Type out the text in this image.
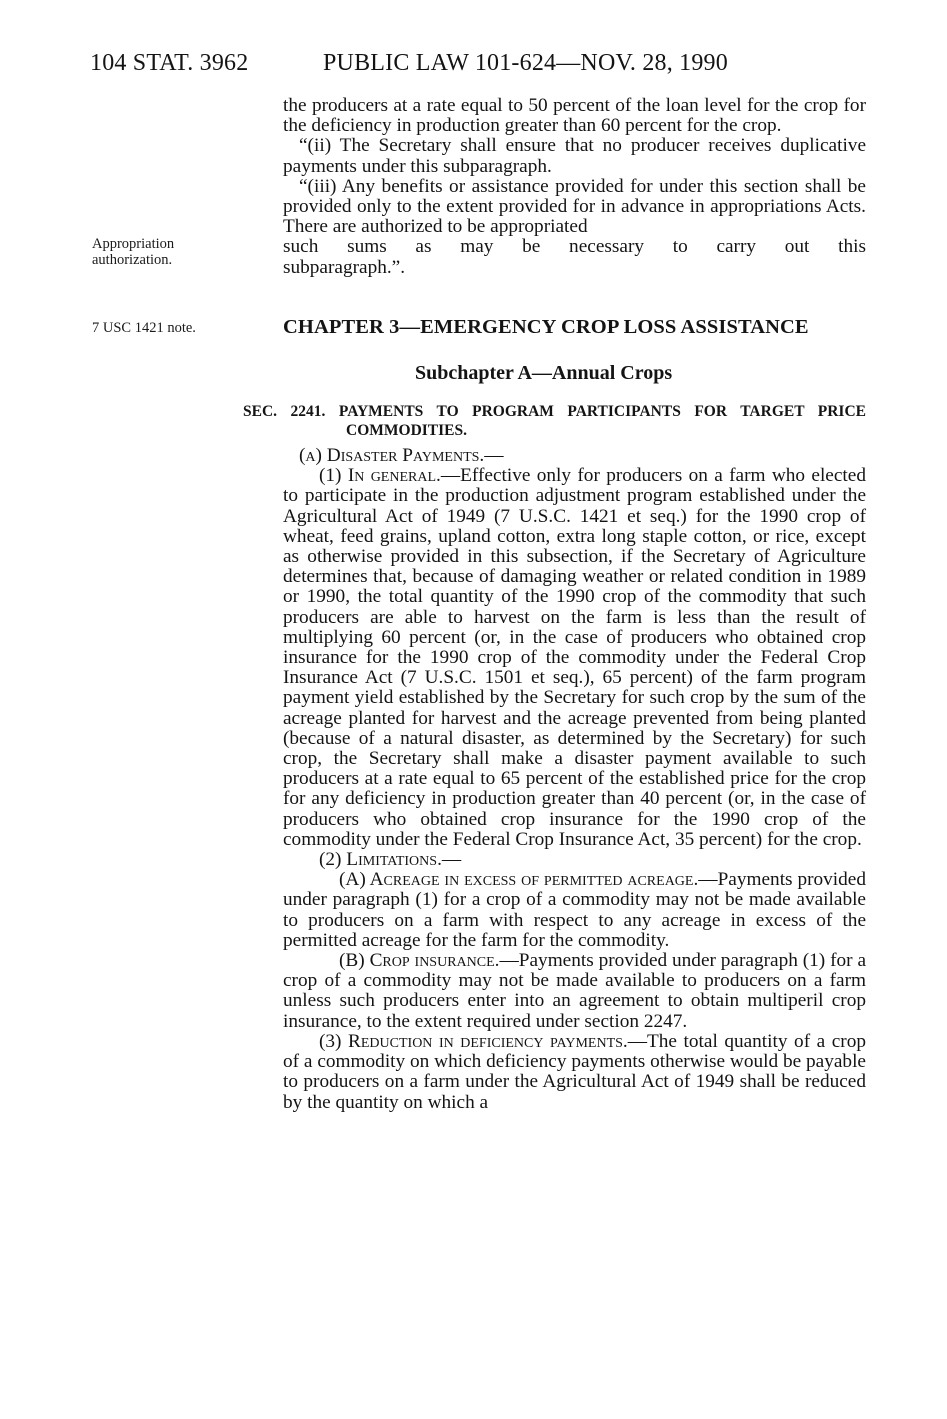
104 STAT. 3962	PUBLIC LAW 101-624—NOV. 28, 1990
Appropriation
authorization.
7 USC 1421 note.

the producers at a rate equal to 50 percent of the loan level for the crop for the deficiency in production greater than 60 percent for the crop.

“(ii) The Secretary shall ensure that no producer receives duplicative payments under this subparagraph.

“(iii) Any benefits or assistance provided for under this section shall be provided only to the extent provided for in advance in appropriations Acts. There are authorized to be appropriated

such sums as may be necessary to carry out this

subparagraph.”.

CHAPTER 3—EMERGENCY CROP LOSS ASSISTANCE
Subchapter A—Annual Crops

SEC. 2241. PAYMENTS TO PROGRAM PARTICIPANTS FOR TARGET PRICE

COMMODITIES.

(a) Disaster Payments.—

(1) In general.—Effective only for producers on a farm who elected to participate in the production adjustment program established under the Agricultural Act of 1949 (7 U.S.C. 1421 et seq.) for the 1990 crop of wheat, feed grains, upland cotton, extra long staple cotton, or rice, except as otherwise provided in this subsection, if the Secretary of Agriculture determines that, because of damaging weather or related condition in 1989 or 1990, the total quantity of the 1990 crop of the commodity that such producers are able to harvest on the farm is less than the result of multiplying 60 percent (or, in the case of producers who obtained crop insurance for the 1990 crop of the commodity under the Federal Crop Insurance Act (7 U.S.C. 1501 et seq.), 65 percent) of the farm program payment yield established by the Secretary for such crop by the sum of the acreage planted for harvest and the acreage prevented from being planted (because of a natural disaster, as determined by the Secretary) for such crop, the Secretary shall make a disaster payment available to such producers at a rate equal to 65 percent of the established price for the crop for any deficiency in production greater than 40 percent (or, in the case of producers who obtained crop insurance for the 1990 crop of the commodity under the Federal Crop Insurance Act, 35 percent) for the crop.

(2) Limitations.—

(A) Acreage in excess of permitted acreage.—Payments provided under paragraph (1) for a crop of a commodity may not be made available to producers on a farm with respect to any acreage in excess of the permitted acreage for the farm for the commodity.

(B) Crop insurance.—Payments provided under paragraph (1) for a crop of a commodity may not be made available to producers on a farm unless such producers enter into an agreement to obtain multiperil crop insurance, to the extent required under section 2247.

(3) Reduction in deficiency payments.—The total quantity of a crop of a commodity on which deficiency payments otherwise would be payable to producers on a farm under the Agricultural Act of 1949 shall be reduced by the quantity on which a
